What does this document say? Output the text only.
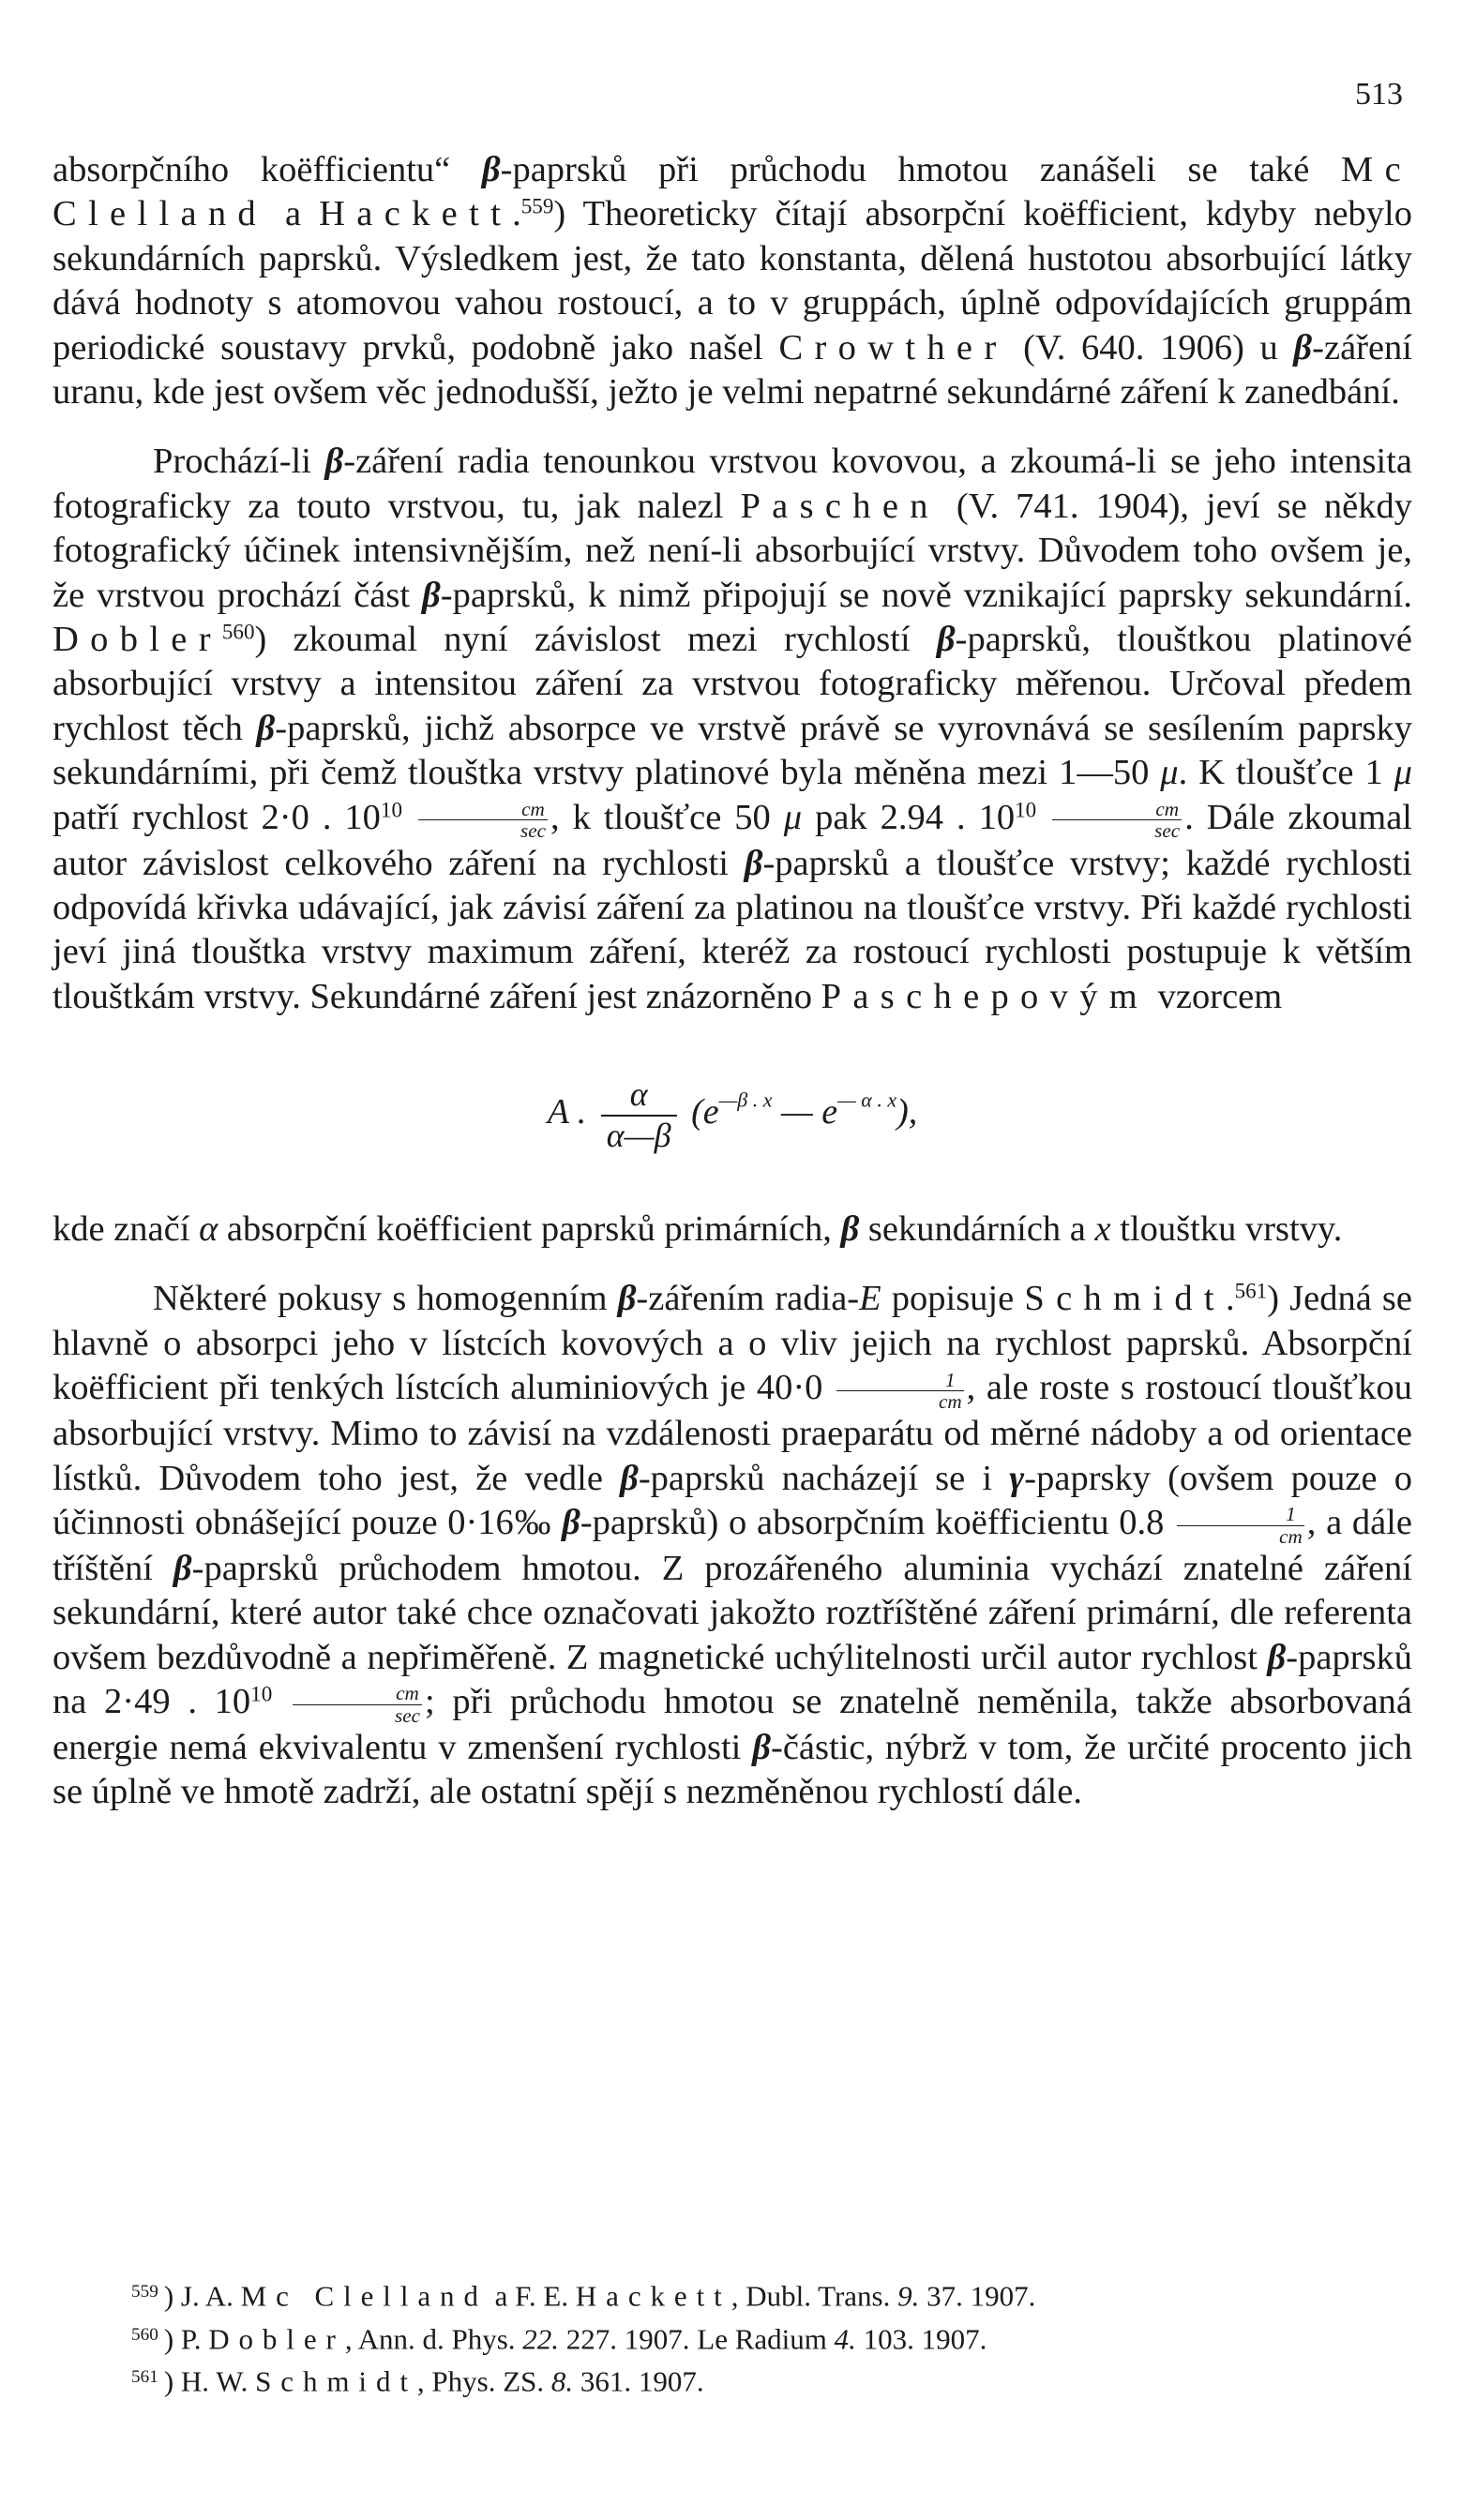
513

absorpčního koëfficientu“ β-paprsků při průchodu hmotou zanášeli se také Mc Clelland a Hackett.$^{559}$) Theoreticky čítají absorpční koëfficient, kdyby nebylo sekundárních paprsků. Výsledkem jest, že tato konstanta, dělená hustotou absorbující látky dává hodnoty s atomovou vahou rostoucí, a to v gruppách, úplně odpovídajících gruppám periodické soustavy prvků, podobně jako našel Crowther (V. 640. 1906) u β-záření uranu, kde jest ovšem věc jednodušší, ježto je velmi nepatrné sekundárné záření k zanedbání.

Prochází-li β-záření radia tenounkou vrstvou kovovou, a zkoumá-li se jeho intensita fotograficky za touto vrstvou, tu, jak nalezl Paschen (V. 741. 1904), jeví se někdy fotografický účinek intensivnějším, než není-li absorbující vrstvy. Důvodem toho ovšem je, že vrstvou prochází část β-paprsků, k nimž připojují se nově vznikající paprsky sekundární. Dobler$^{560}$) zkoumal nyní závislost mezi rychlostí β-paprsků, tlouštkou platinové absorbující vrstvy a intensitou záření za vrstvou fotograficky měřenou. Určoval předem rychlost těch β-paprsků, jichž absorpce ve vrstvě právě se vyrovnává se sesílením paprsky sekundárními, při čemž tlouštka vrstvy platinové byla měněna mezi 1—50 μ. K tloušťce 1 μ patří rychlost 2·0 . $10^{10} \frac{cm}{\sec}$ , k tloušťce 50 μ pak 2.94 . $10^{10} \frac{cm}{\sec}$ . Dále zkoumal autor závislost celkového záření na rychlosti β-paprsků a tloušťce vrstvy; každé rychlosti odpovídá křivka udávající, jak závisí záření za platinou na tloušťce vrstvy. Při každé rychlosti jeví jiná tlouštka vrstvy maximum záření, kteréž za rostoucí rychlosti postupuje k větším tlouštkám vrstvy. Sekundárné záření jest znázorněno Paschepovým vzorcem

A . $\frac{\alpha}{\alpha—\beta} (e^{—\beta . x}$ — $e^{— \alpha . x}$),

kde značí α absorpční koëfficient paprsků primárních, β sekundárních a x tlouštku vrstvy.

Některé pokusy s homogenním β-zářením radia-E popisuje Schmidt.$^{561}$) Jedná se hlavně o absorpci jeho v lístcích kovových a o vliv jejich na rychlost paprsků. Absorpční koëfficient při tenkých lístcích aluminiových je $40\cdot 0 \frac{1}{cm}$ , ale roste s rostoucí tloušťkou absorbující vrstvy. Mimo to závisí na vzdálenosti praeparátu od měrné nádoby a od orientace lístků. Důvodem toho jest, že vedle β-paprsků nacházejí se i γ-paprsky (ovšem pouze o účinnosti obnášející pouze 0·16‰ β-paprsků) o absorpčním koëfficientu $0.8 \frac{1}{cm}$ , a dále tříštění β-paprsků průchodem hmotou. Z prozářeného aluminia vychází znatelné záření sekundární, které autor také chce označovati jakožto roztříštěné záření primární, dle referenta ovšem bezdůvodně a nepřiměřeně. Z magnetické uchýlitelnosti určil autor rychlost β-paprsků na 2·49 . $10^{10} \frac{cm}{\sec}$ ; při průchodu hmotou se znatelně neměnila, takže absorbovaná energie nemá ekvivalentu v zmenšení rychlosti β-částic, nýbrž v tom, že určité procento jich se úplně ve hmotě zadrží, ale ostatní spějí s nezměněnou rychlostí dále.

$^{559}$ ) J. A. Mc Clelland a F. E. Hackett, Dubl. Trans. 9. 37. 1907.

$^{560}$ ) P. Dobler, Ann. d. Phys. 22. 227. 1907. Le Radium 4. 103. 1907.

$^{561}$ ) H. W. Schmidt, Phys. ZS. 8. 361. 1907.
